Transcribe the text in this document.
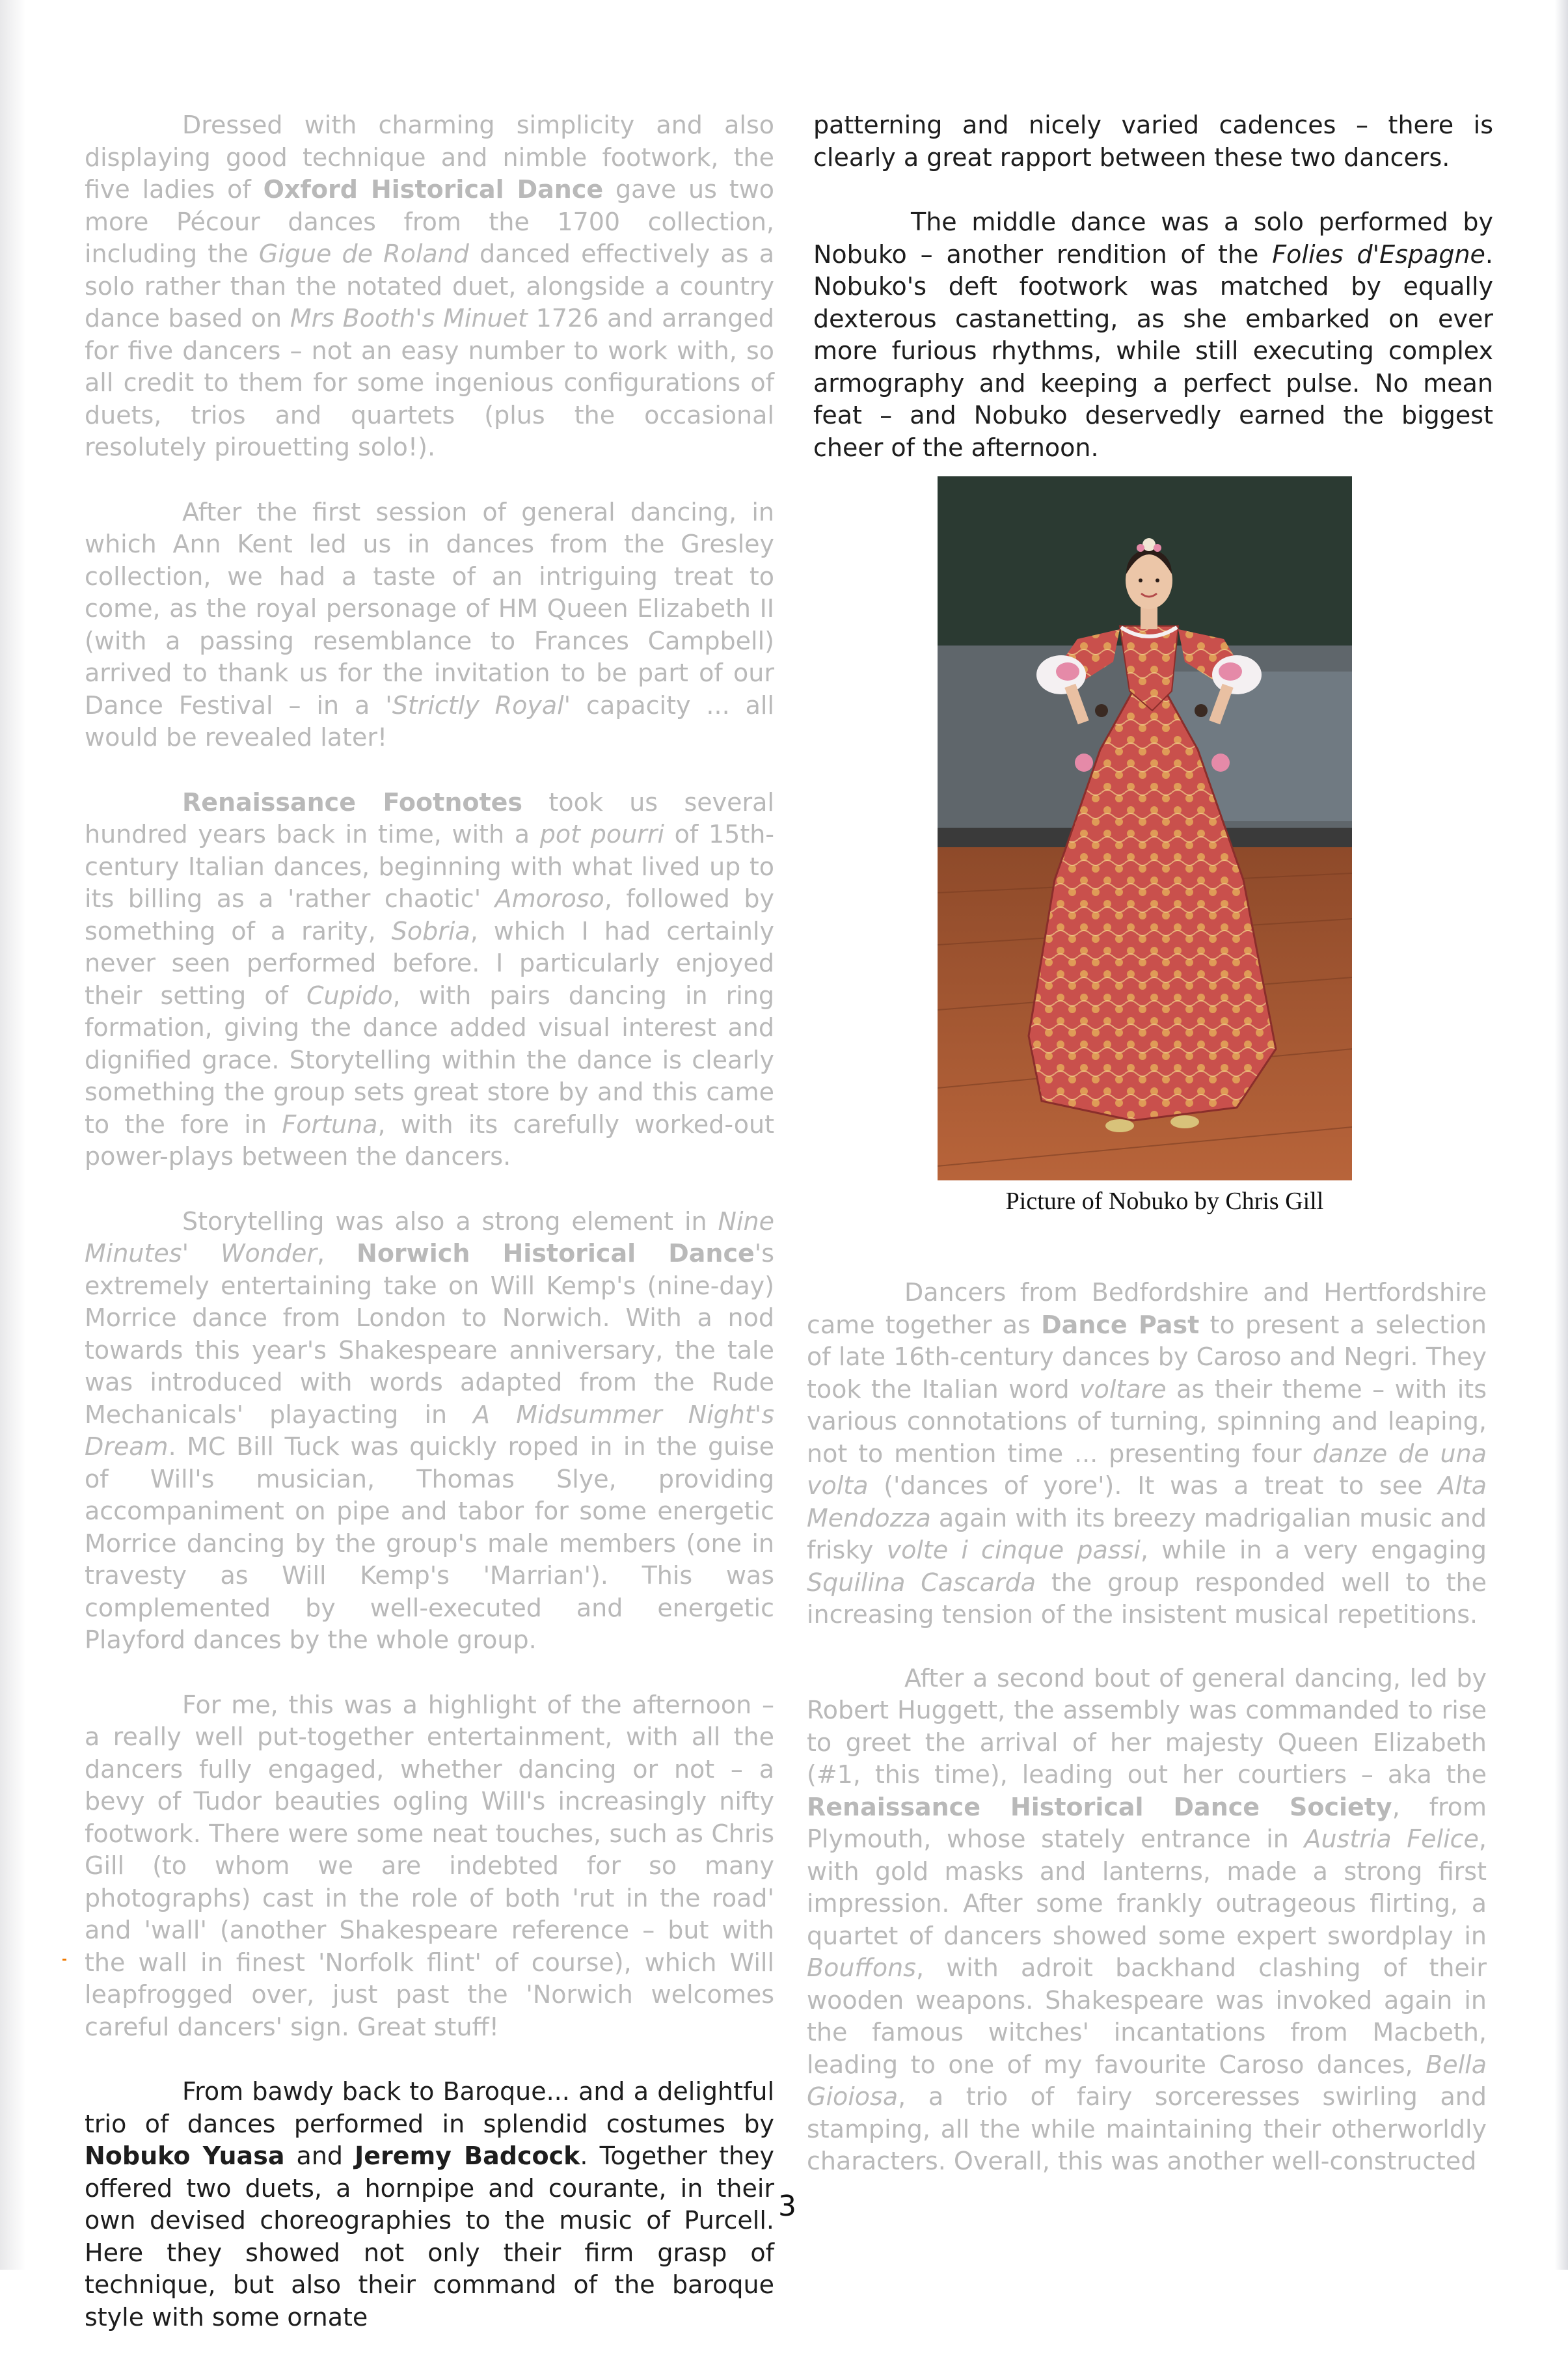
Dressed with charming simplicity and also displaying good technique and nimble footwork, the five ladies of Oxford Historical Dance gave us two more Pécour dances from the 1700 collection, including the Gigue de Roland danced effectively as a solo rather than the notated duet, alongside a country dance based on Mrs Booth's Minuet 1726 and arranged for five dancers – not an easy number to work with, so all credit to them for some ingenious configurations of duets, trios and quartets (plus the occasional resolutely pirouetting solo!).

After the first session of general dancing, in which Ann Kent led us in dances from the Gresley collection, we had a taste of an intriguing treat to come, as the royal personage of HM Queen Elizabeth II (with a passing resemblance to Frances Campbell) arrived to thank us for the invitation to be part of our Dance Festival – in a 'Strictly Royal' capacity ... all would be revealed later!

Renaissance Footnotes took us several hundred years back in time, with a pot pourri of 15th-century Italian dances, beginning with what lived up to its billing as a 'rather chaotic' Amoroso, followed by something of a rarity, Sobria, which I had certainly never seen performed before. I particularly enjoyed their setting of Cupido, with pairs dancing in ring formation, giving the dance added visual interest and dignified grace. Storytelling within the dance is clearly something the group sets great store by and this came to the fore in Fortuna, with its carefully worked-out power-plays between the dancers.

Storytelling was also a strong element in Nine Minutes' Wonder, Norwich Historical Dance's extremely entertaining take on Will Kemp's (nine-day) Morrice dance from London to Norwich. With a nod towards this year's Shakespeare anniversary, the tale was introduced with words adapted from the Rude Mechanicals' playacting in A Midsummer Night's Dream. MC Bill Tuck was quickly roped in in the guise of Will's musician, Thomas Slye, providing accompaniment on pipe and tabor for some energetic Morrice dancing by the group's male members (one in travesty as Will Kemp's 'Marrian'). This was complemented by well-executed and energetic Playford dances by the whole group.

For me, this was a highlight of the afternoon – a really well put-together entertainment, with all the dancers fully engaged, whether dancing or not – a bevy of Tudor beauties ogling Will's increasingly nifty footwork. There were some neat touches, such as Chris Gill (to whom we are indebted for so many photographs) cast in the role of both 'rut in the road' and 'wall' (another Shakespeare reference – but with the wall in finest 'Norfolk flint' of course), which Will leapfrogged over, just past the 'Norwich welcomes careful dancers' sign. Great stuff!

From bawdy back to Baroque... and a delightful trio of dances performed in splendid costumes by Nobuko Yuasa and Jeremy Badcock. Together they offered two duets, a hornpipe and courante, in their own devised choreographies to the music of Purcell. Here they showed not only their firm grasp of technique, but also their command of the baroque style with some ornate

patterning and nicely varied cadences – there is clearly a great rapport between these two dancers.

The middle dance was a solo performed by Nobuko – another rendition of the Folies d'Espagne. Nobuko's deft footwork was matched by equally dexterous castanetting, as she embarked on ever more furious rhythms, while still executing complex armography and keeping a perfect pulse. No mean feat – and Nobuko deservedly earned the biggest cheer of the afternoon.

Picture of Nobuko by Chris Gill

Dancers from Bedfordshire and Hertfordshire came together as Dance Past to present a selection of late 16th-century dances by Caroso and Negri. They took the Italian word voltare as their theme – with its various connotations of turning, spinning and leaping, not to mention time ... presenting four danze de una volta ('dances of yore'). It was a treat to see Alta Mendozza again with its breezy madrigalian music and frisky volte i cinque passi, while in a very engaging Squilina Cascarda the group responded well to the increasing tension of the insistent musical repetitions.

After a second bout of general dancing, led by Robert Huggett, the assembly was commanded to rise to greet the arrival of her majesty Queen Elizabeth (#1, this time), leading out her courtiers – aka the Renaissance Historical Dance Society, from Plymouth, whose stately entrance in Austria Felice, with gold masks and lanterns, made a strong first impression. After some frankly outrageous flirting, a quartet of dancers showed some expert swordplay in Bouffons, with adroit backhand clashing of their wooden weapons. Shakespeare was invoked again in the famous witches' incantations from Macbeth, leading to one of my favourite Caroso dances, Bella Gioiosa, a trio of fairy sorceresses swirling and stamping, all the while maintaining their otherworldly characters. Overall, this was another well-constructed

3
